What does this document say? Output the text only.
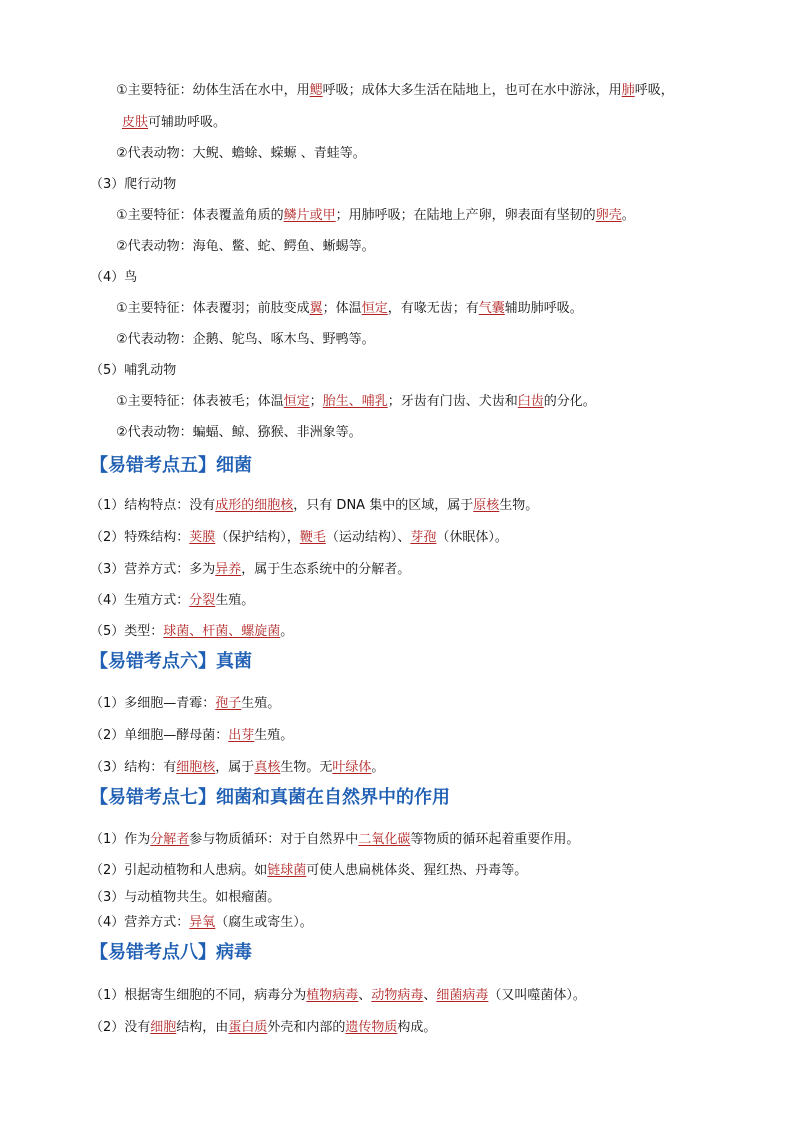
①主要特征：幼体生活在水中，用鳃呼吸；成体大多生活在陆地上，也可在水中游泳，用肺呼吸，
皮肤可辅助呼吸。
②代表动物：大鲵、蟾蜍、蝾螈 、青蛙等。
（3）爬行动物
①主要特征：体表覆盖角质的鳞片或甲；用肺呼吸；在陆地上产卵，卵表面有坚韧的卵壳。
②代表动物：海龟、鳖、蛇、鳄鱼、蜥蜴等。
（4）鸟
①主要特征：体表覆羽；前肢变成翼；体温恒定，有喙无齿；有气囊辅助肺呼吸。
②代表动物：企鹅、鸵鸟、啄木鸟、野鸭等。
（5）哺乳动物
①主要特征：体表被毛；体温恒定；胎生、哺乳；牙齿有门齿、犬齿和臼齿的分化。
②代表动物：蝙蝠、鲸、猕猴、非洲象等。
【易错考点五】细菌
（1）结构特点：没有成形的细胞核，只有 DNA 集中的区域，属于原核生物。
（2）特殊结构：荚膜（保护结构），鞭毛（运动结构）、芽孢（休眠体）。
（3）营养方式：多为异养，属于生态系统中的分解者。
（4）生殖方式：分裂生殖。
（5）类型：球菌、杆菌、螺旋菌。
【易错考点六】真菌
（1）多细胞—青霉：孢子生殖。
（2）单细胞—酵母菌：出芽生殖。
（3）结构：有细胞核，属于真核生物。无叶绿体。
【易错考点七】细菌和真菌在自然界中的作用
（1）作为分解者参与物质循环：对于自然界中二氧化碳等物质的循环起着重要作用。
（2）引起动植物和人患病。如链球菌可使人患扁桃体炎、猩红热、丹毒等。
（3）与动植物共生。如根瘤菌。
（4）营养方式：异氧（腐生或寄生）。
【易错考点八】病毒
（1）根据寄生细胞的不同，病毒分为植物病毒、动物病毒、细菌病毒（又叫噬菌体）。
（2）没有细胞结构，由蛋白质外壳和内部的遗传物质构成。
